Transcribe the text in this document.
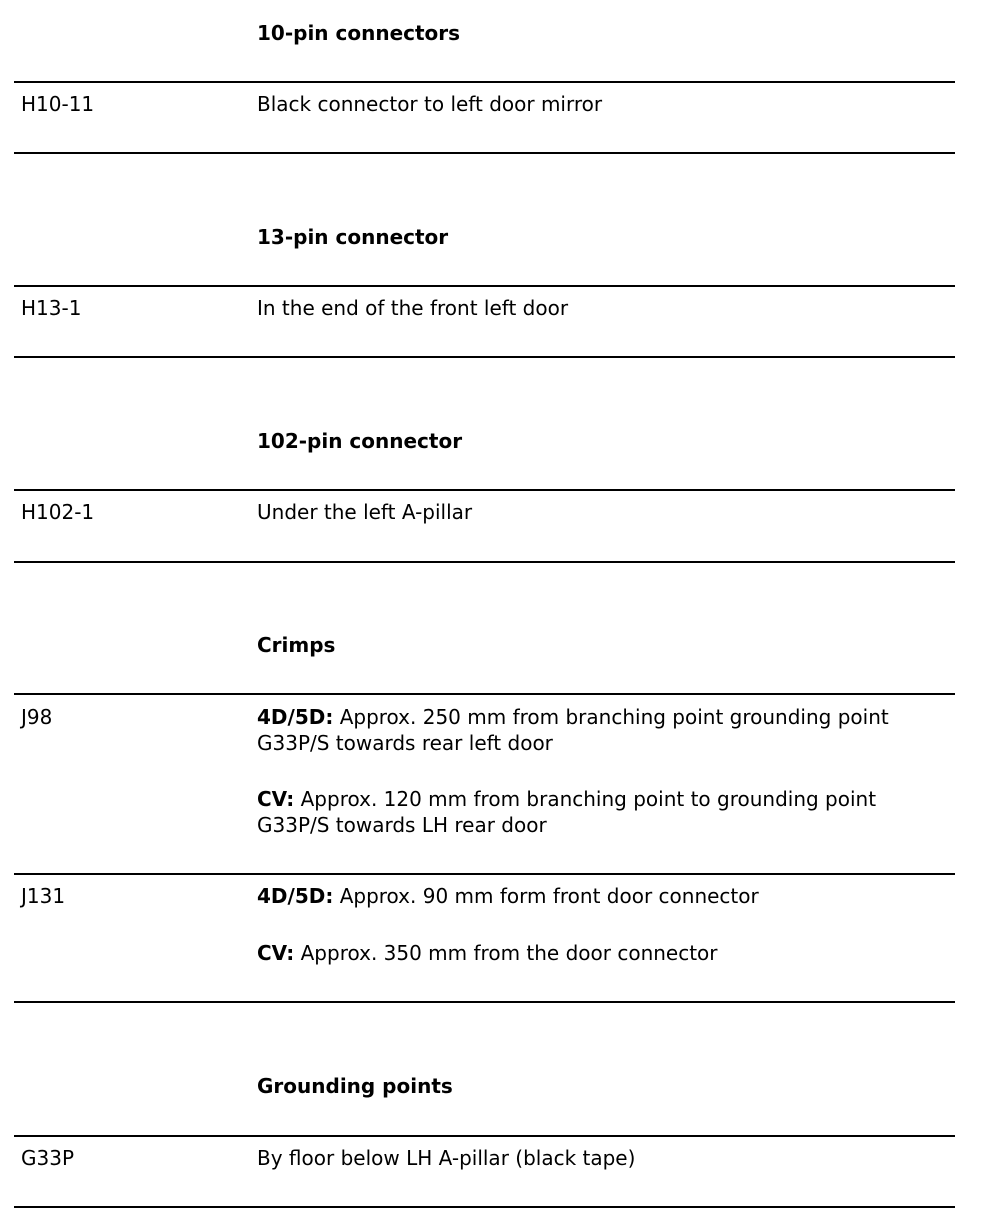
10-pin connectors
H10-11	Black connector to left door mirror
13-pin connector
H13-1	In the end of the front left door
102-pin connector
H102-1	Under the left A-pillar
Crimps
J98	4D/5D: Approx. 250 mm from branching point grounding point
G33P/S towards rear left door
CV: Approx. 120 mm from branching point to grounding point
G33P/S towards LH rear door
J131	4D/5D: Approx. 90 mm form front door connector
CV: Approx. 350 mm from the door connector
Grounding points
G33P	By floor below LH A-pillar (black tape)
